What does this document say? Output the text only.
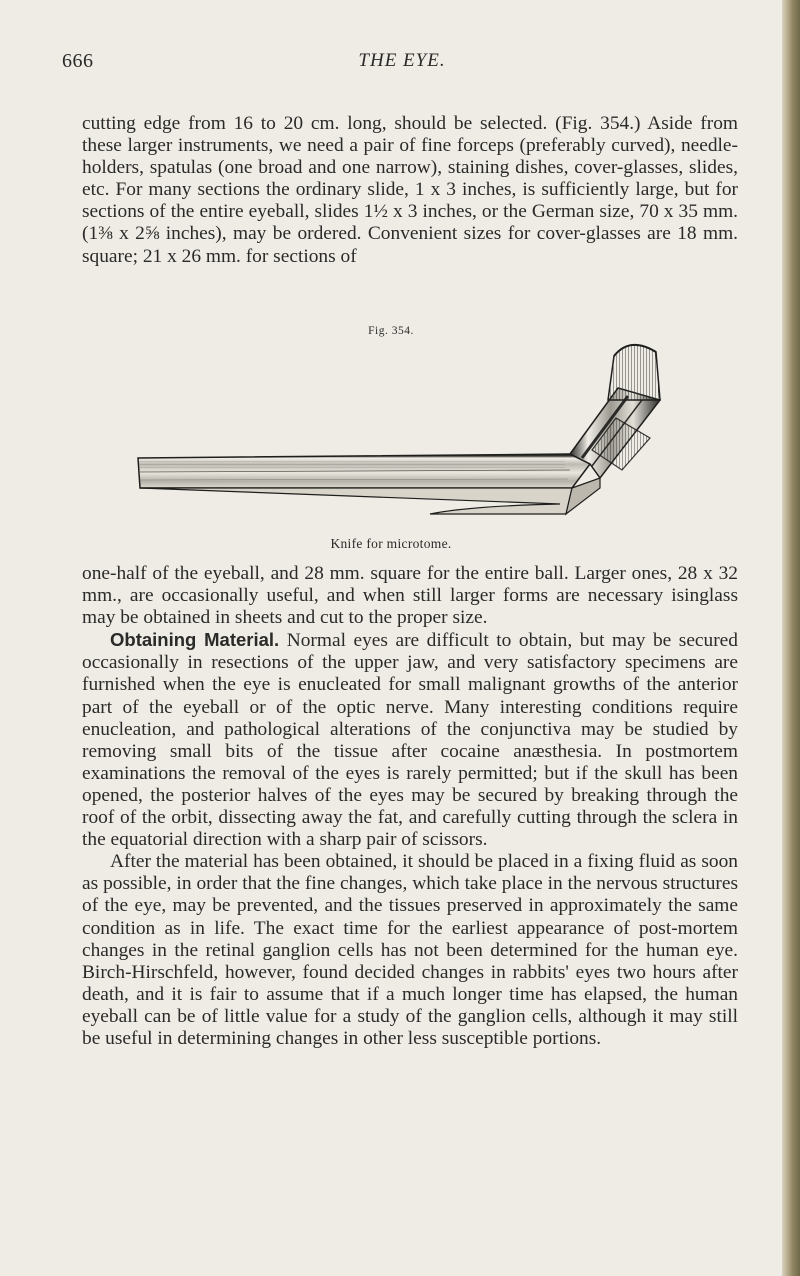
666	THE EYE.

cutting edge from 16 to 20 cm. long, should be selected. (Fig. 354.) Aside from these larger instruments, we need a pair of fine forceps (preferably curved), needle-holders, spatulas (one broad and one narrow), staining dishes, cover-glasses, slides, etc. For many sections the ordinary slide, 1 x 3 inches, is sufficiently large, but for sections of the entire eyeball, slides 1½ x 3 inches, or the German size, 70 x 35 mm. (1⅜ x 2⅝ inches), may be ordered. Convenient sizes for cover-glasses are 18 mm. square; 21 x 26 mm. for sections of

Fig. 354.
Knife for microtome.

one-half of the eyeball, and 28 mm. square for the entire ball. Larger ones, 28 x 32 mm., are occasionally useful, and when still larger forms are necessary isinglass may be obtained in sheets and cut to the proper size.

Obtaining Material. Normal eyes are difficult to obtain, but may be secured occasionally in resections of the upper jaw, and very satisfactory specimens are furnished when the eye is enucleated for small malignant growths of the anterior part of the eyeball or of the optic nerve. Many interesting conditions require enucleation, and pathological alterations of the conjunctiva may be studied by removing small bits of the tissue after cocaine anæsthesia. In postmortem examinations the removal of the eyes is rarely permitted; but if the skull has been opened, the posterior halves of the eyes may be secured by breaking through the roof of the orbit, dissecting away the fat, and carefully cutting through the sclera in the equatorial direction with a sharp pair of scissors.

After the material has been obtained, it should be placed in a fixing fluid as soon as possible, in order that the fine changes, which take place in the nervous structures of the eye, may be prevented, and the tissues preserved in approximately the same condition as in life. The exact time for the earliest appearance of post-mortem changes in the retinal ganglion cells has not been determined for the human eye. Birch-Hirschfeld, however, found decided changes in rabbits' eyes two hours after death, and it is fair to assume that if a much longer time has elapsed, the human eyeball can be of little value for a study of the ganglion cells, although it may still be useful in determining changes in other less susceptible portions.
